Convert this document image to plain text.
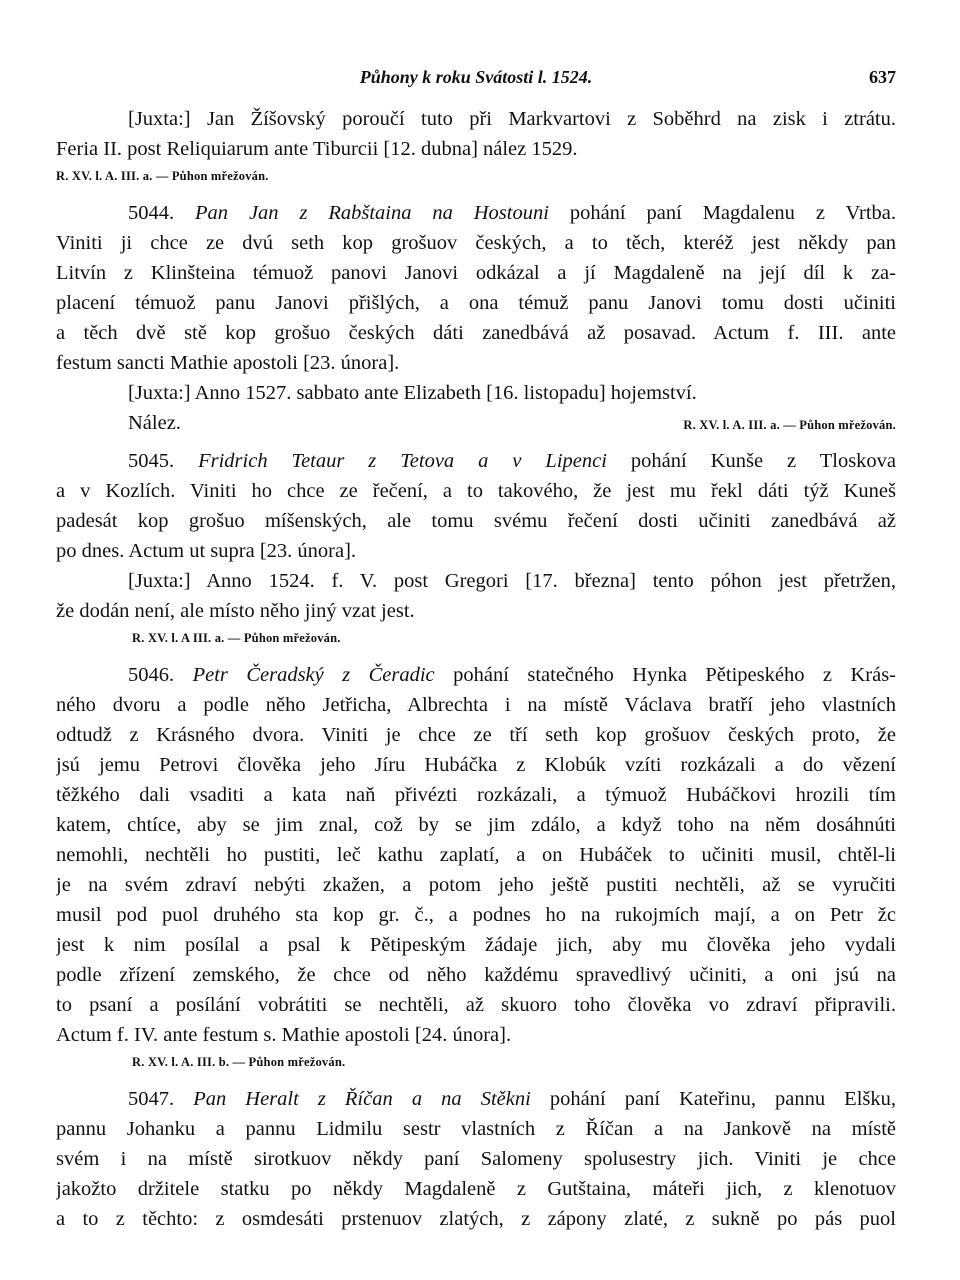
Půhony k roku Svátosti l. 1524.	637
[Juxta:] Jan Žíšovský poroučí tuto při Markvartovi z Soběhrd na zisk i ztrátu.
Feria II. post Reliquiarum ante Tiburcii [12. dubna] nález 1529.
R. XV. l. A. III. a. — Půhon mřežován.
5044. Pan Jan z Rabštaina na Hostouni pohání paní Magdalenu z Vrtba.
Viniti ji chce ze dvú seth kop grošuov českých, a to těch, kteréž jest někdy pan
Litvín z Klinšteina témuož panovi Janovi odkázal a jí Magdaleně na její díl k za-
placení témuož panu Janovi přišlých, a ona témuž panu Janovi tomu dosti učiniti
a těch dvě stě kop grošuo českých dáti zanedbává až posavad. Actum f. III. ante
festum sancti Mathie apostoli [23. února].
[Juxta:] Anno 1527. sabbato ante Elizabeth [16. listopadu] hojemství.
Nález.	R. XV. l. A. III. a. — Půhon mřežován.
5045. Fridrich Tetaur z Tetova a v Lipenci pohání Kunše z Tloskova
a v Kozlích. Viniti ho chce ze řečení, a to takového, že jest mu řekl dáti týž Kuneš
padesát kop grošuo míšenských, ale tomu svému řečení dosti učiniti zanedbává až
po dnes. Actum ut supra [23. února].
[Juxta:] Anno 1524. f. V. post Gregori [17. března] tento póhon jest přetržen,
že dodán není, ale místo něho jiný vzat jest.
R. XV. l. A III. a. — Půhon mřežován.
5046. Petr Čeradský z Čeradic pohání statečného Hynka Pětipeského z Krás-
ného dvoru a podle něho Jetřicha, Albrechta i na místě Václava bratří jeho vlastních
odtudž z Krásného dvora. Viniti je chce ze tří seth kop grošuov českých proto, že
jsú jemu Petrovi člověka jeho Jíru Hubáčka z Klobúk vzíti rozkázali a do vězení
těžkého dali vsaditi a kata naň přivézti rozkázali, a týmuož Hubáčkovi hrozili tím
katem, chtíce, aby se jim znal, což by se jim zdálo, a když toho na něm dosáhnúti
nemohli, nechtěli ho pustiti, leč kathu zaplatí, a on Hubáček to učiniti musil, chtěl-li
je na svém zdraví nebýti zkažen, a potom jeho ještě pustiti nechtěli, až se vyručiti
musil pod puol druhého sta kop gr. č., a podnes ho na rukojmích mají, a on Petr žc
jest k nim posílal a psal k Pětipeským žádaje jich, aby mu člověka jeho vydali
podle zřízení zemského, že chce od něho každému spravedlivý učiniti, a oni jsú na
to psaní a posílání vobrátiti se nechtěli, až skuoro toho člověka vo zdraví připravili.
Actum f. IV. ante festum s. Mathie apostoli [24. února].
R. XV. l. A. III. b. — Půhon mřežován.
5047. Pan Heralt z Říčan a na Stěkni pohání paní Kateřinu, pannu Elšku,
pannu Johanku a pannu Lidmilu sestr vlastních z Říčan a na Jankově na místě
svém i na místě sirotkuov někdy paní Salomeny spolusestry jich. Viniti je chce
jakožto držitele statku po někdy Magdaleně z Gutštaina, máteři jich, z klenotuov
a to z těchto: z osmdesáti prstenuov zlatých, z zápony zlaté, z sukně po pás puol
